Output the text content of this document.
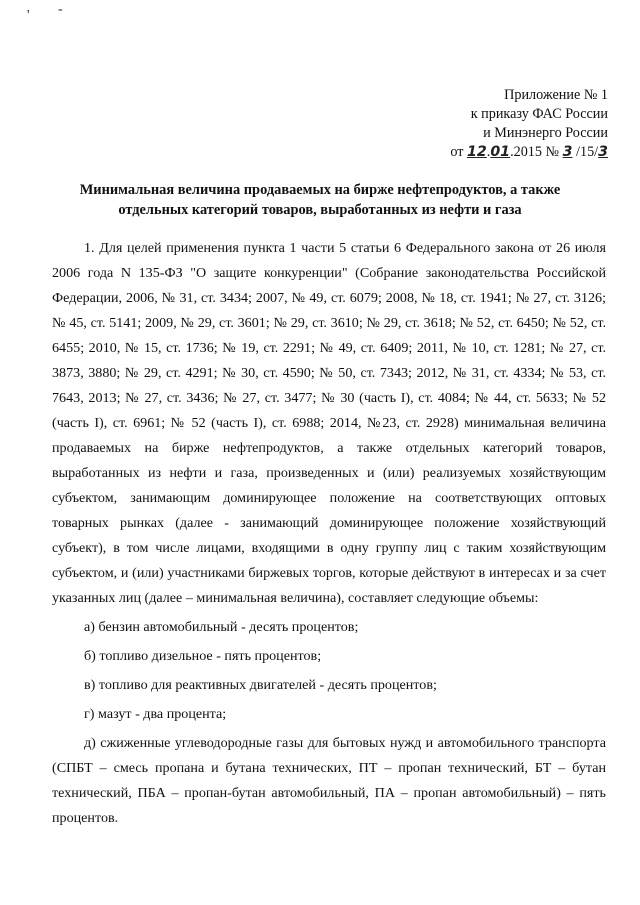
' -
Приложение № 1
к приказу ФАС России
и Минэнерго России
от 12.01.2015 № 3 /15/3
Минимальная величина продаваемых на бирже нефтепродуктов, а также
отдельных категорий товаров, выработанных из нефти и газа

1. Для целей применения пункта 1 части 5 статьи 6 Федерального закона от 26 июля 2006 года N 135-ФЗ "О защите конкуренции" (Собрание законодательства Российской Федерации, 2006, № 31, ст. 3434; 2007, № 49, ст. 6079; 2008, № 18, ст. 1941; № 27, ст. 3126; № 45, ст. 5141; 2009, № 29, ст. 3601; № 29, ст. 3610; № 29, ст. 3618; № 52, ст. 6450; № 52, ст. 6455; 2010, № 15, ст. 1736; № 19, ст. 2291; № 49, ст. 6409; 2011, № 10, ст. 1281; № 27, ст. 3873, 3880; № 29, ст. 4291; № 30, ст. 4590; № 50, ст. 7343; 2012, № 31, ст. 4334; № 53, ст. 7643, 2013; № 27, ст. 3436; № 27, ст. 3477; № 30 (часть I), ст. 4084; № 44, ст. 5633; № 52 (часть I), ст. 6961; № 52 (часть I), ст. 6988; 2014, №23, ст. 2928) минимальная величина продаваемых на бирже нефтепродуктов, а также отдельных категорий товаров, выработанных из нефти и газа, произведенных и (или) реализуемых хозяйствующим субъектом, занимающим доминирующее положение на соответствующих оптовых товарных рынках (далее - занимающий доминирующее положение хозяйствующий субъект), в том числе лицами, входящими в одну группу лиц с таким хозяйствующим субъектом, и (или) участниками биржевых торгов, которые действуют в интересах и за счет указанных лиц (далее – минимальная величина), составляет следующие объемы:

а) бензин автомобильный - десять процентов;

б) топливо дизельное - пять процентов;

в) топливо для реактивных двигателей - десять процентов;

г) мазут - два процента;

д) сжиженные углеводородные газы для бытовых нужд и автомобильного транспорта (СПБТ – смесь пропана и бутана технических, ПТ – пропан технический, БТ – бутан технический, ПБА – пропан-бутан автомобильный, ПА – пропан автомобильный) – пять процентов.
